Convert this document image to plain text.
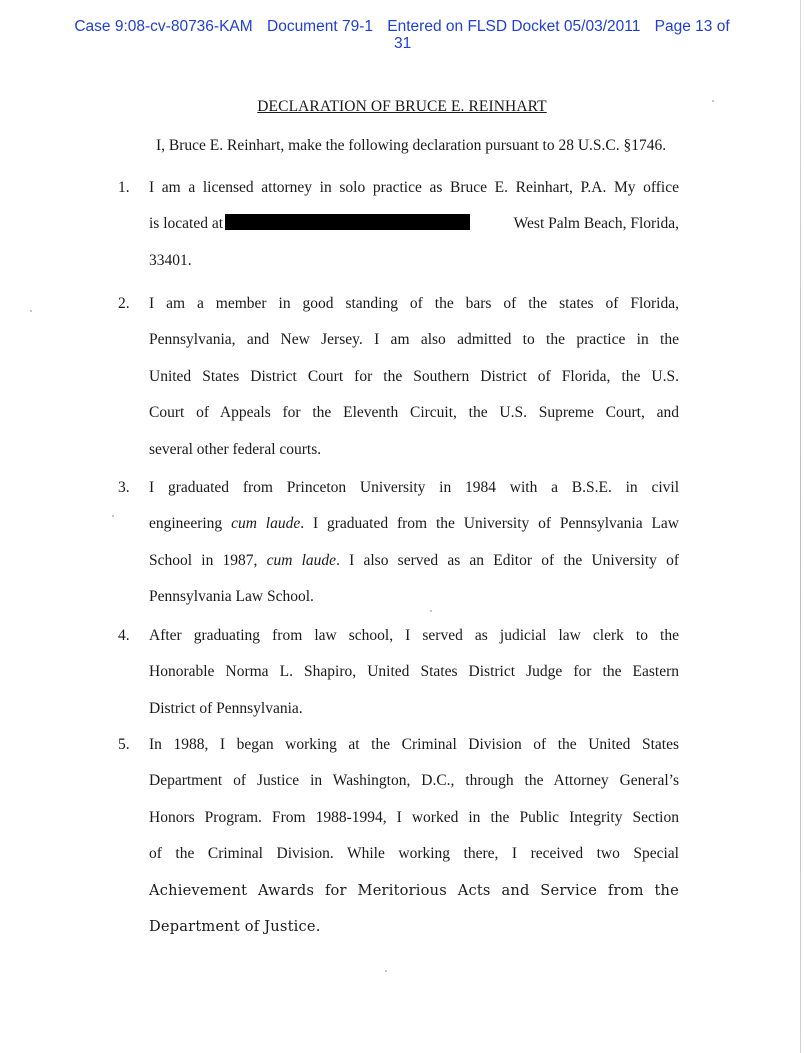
Case 9:08-cv-80736-KAM Document 79-1 Entered on FLSD Docket 05/03/2011 Page 13 of
31
DECLARATION OF BRUCE E. REINHART
I, Bruce E. Reinhart, make the following declaration pursuant to 28 U.S.C. §1746.
1. I am a licensed attorney in solo practice as Bruce E. Reinhart, P.A. My office
is located at	West Palm Beach, Florida,
33401.
2. I am a member in good standing of the bars of the states of Florida,
Pennsylvania, and New Jersey. I am also admitted to the practice in the
United States District Court for the Southern District of Florida, the U.S.
Court of Appeals for the Eleventh Circuit, the U.S. Supreme Court, and
several other federal courts.
3. I graduated from Princeton University in 1984 with a B.S.E. in civil
engineering cum laude. I graduated from the University of Pennsylvania Law
School in 1987, cum laude. I also served as an Editor of the University of
Pennsylvania Law School.
4. After graduating from law school, I served as judicial law clerk to the
Honorable Norma L. Shapiro, United States District Judge for the Eastern
District of Pennsylvania.
5. In 1988, I began working at the Criminal Division of the United States
Department of Justice in Washington, D.C., through the Attorney General’s
Honors Program. From 1988-1994, I worked in the Public Integrity Section
of the Criminal Division. While working there, I received two Special
Achievement Awards for Meritorious Acts and Service from the
Department of Justice.
